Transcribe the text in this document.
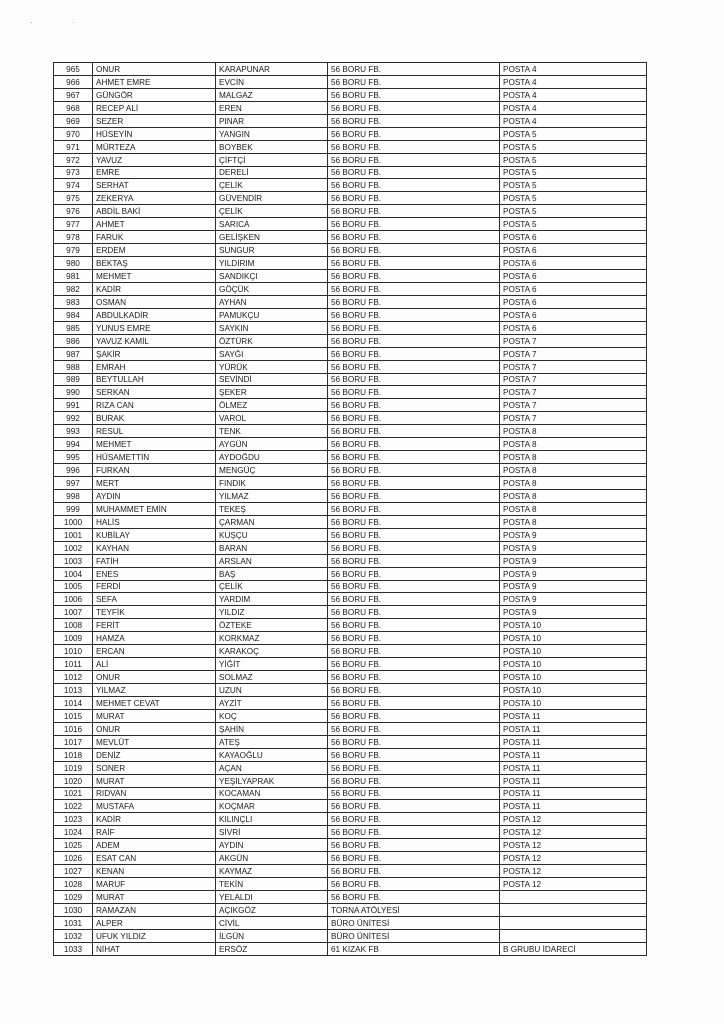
-	·
965	ONUR	KARAPUNAR	56 BORU FB.	POSTA 4
966	AHMET EMRE	EVCİN	56 BORU FB.	POSTA 4
967	GÜNGÖR	MALGAZ	56 BORU FB.	POSTA 4
968	RECEP ALİ	EREN	56 BORU FB.	POSTA 4
969	SEZER	PINAR	56 BORU FB.	POSTA 4
970	HÜSEYİN	YANGIN	56 BORU FB.	POSTA 5
971	MÜRTEZA	BOYBEK	56 BORU FB.	POSTA 5
972	YAVUZ	ÇİFTÇİ	56 BORU FB.	POSTA 5
973	EMRE	DERELİ	56 BORU FB.	POSTA 5
974	SERHAT	ÇELİK	56 BORU FB.	POSTA 5
975	ZEKERYA	GÜVENDİR	56 BORU FB.	POSTA 5
976	ABDİL BAKİ	ÇELİK	56 BORU FB.	POSTA 5
977	AHMET	SARICA	56 BORU FB.	POSTA 5
978	FARUK	GELİŞKEN	56 BORU FB.	POSTA 6
979	ERDEM	SUNGUR	56 BORU FB.	POSTA 6
980	BEKTAŞ	YILDIRIM	56 BORU FB.	POSTA 6
981	MEHMET	SANDIKÇI	56 BORU FB.	POSTA 6
982	KADİR	GÖÇÜK	56 BORU FB.	POSTA 6
983	OSMAN	AYHAN	56 BORU FB.	POSTA 6
984	ABDULKADİR	PAMUKÇU	56 BORU FB.	POSTA 6
985	YUNUS EMRE	SAYKIN	56 BORU FB.	POSTA 6
986	YAVUZ KAMİL	ÖZTÜRK	56 BORU FB.	POSTA 7
987	ŞAKİR	SAYĞI	56 BORU FB.	POSTA 7
988	EMRAH	YÜRÜK	56 BORU FB.	POSTA 7
989	BEYTULLAH	SEVİNDİ	56 BORU FB.	POSTA 7
990	SERKAN	ŞEKER	56 BORU FB.	POSTA 7
991	RIZA CAN	ÖLMEZ	56 BORU FB.	POSTA 7
992	BURAK	VAROL	56 BORU FB.	POSTA 7
993	RESUL	TENK	56 BORU FB.	POSTA 8
994	MEHMET	AYGÜN	56 BORU FB.	POSTA 8
995	HÜSAMETTİN	AYDOĞDU	56 BORU FB.	POSTA 8
996	FURKAN	MENGÜÇ	56 BORU FB.	POSTA 8
997	MERT	FINDIK	56 BORU FB.	POSTA 8
998	AYDIN	YILMAZ	56 BORU FB.	POSTA 8
999	MUHAMMET EMİN	TEKEŞ	56 BORU FB.	POSTA 8
1000	HALİS	ÇARMAN	56 BORU FB.	POSTA 8
1001	KUBİLAY	KUŞÇU	56 BORU FB.	POSTA 9
1002	KAYHAN	BARAN	56 BORU FB.	POSTA 9
1003	FATİH	ARSLAN	56 BORU FB.	POSTA 9
1004	ENES	BAŞ	56 BORU FB.	POSTA 9
1005	FERDİ	ÇELİK	56 BORU FB.	POSTA 9
1006	SEFA	YARDIM	56 BORU FB.	POSTA 9
1007	TEYFİK	YILDIZ	56 BORU FB.	POSTA 9
1008	FERİT	ÖZTEKE	56 BORU FB.	POSTA 10
1009	HAMZA	KORKMAZ	56 BORU FB.	POSTA 10
1010	ERCAN	KARAKOÇ	56 BORU FB.	POSTA 10
1011	ALİ	YİĞİT	56 BORU FB.	POSTA 10
1012	ONUR	SOLMAZ	56 BORU FB.	POSTA 10
1013	YILMAZ	UZUN	56 BORU FB.	POSTA 10
1014	MEHMET CEVAT	AYZİT	56 BORU FB.	POSTA 10
1015	MURAT	KOÇ	56 BORU FB.	POSTA 11
1016	ONUR	ŞAHİN	56 BORU FB.	POSTA 11
1017	MEVLÜT	ATEŞ	56 BORU FB.	POSTA 11
1018	DENİZ	KAYAOĞLU	56 BORU FB.	POSTA 11
1019	SONER	AÇAN	56 BORU FB.	POSTA 11
1020	MURAT	YEŞİLYAPRAK	56 BORU FB.	POSTA 11
1021	RIDVAN	KOCAMAN	56 BORU FB.	POSTA 11
1022	MUSTAFA	KOÇMAR	56 BORU FB.	POSTA 11
1023	KADİR	KILINÇLI	56 BORU FB.	POSTA 12
1024	RAİF	SİVRİ	56 BORU FB.	POSTA 12
1025	ADEM	AYDIN	56 BORU FB.	POSTA 12
1026	ESAT CAN	AKGÜN	56 BORU FB.	POSTA 12
1027	KENAN	KAYMAZ	56 BORU FB.	POSTA 12
1028	MARUF	TEKİN	56 BORU FB.	POSTA 12
1029	MURAT	YELALDI	56 BORU FB.	
1030	RAMAZAN	AÇIKGÖZ	TORNA ATÖLYESİ	
1031	ALPER	CİVİL	BÜRO ÜNİTESİ	
1032	UFUK YILDIZ	İLGÜN	BÜRO ÜNİTESİ	
1033	NİHAT	ERSÖZ	61 KIZAK FB	B GRUBU İDARECİ
